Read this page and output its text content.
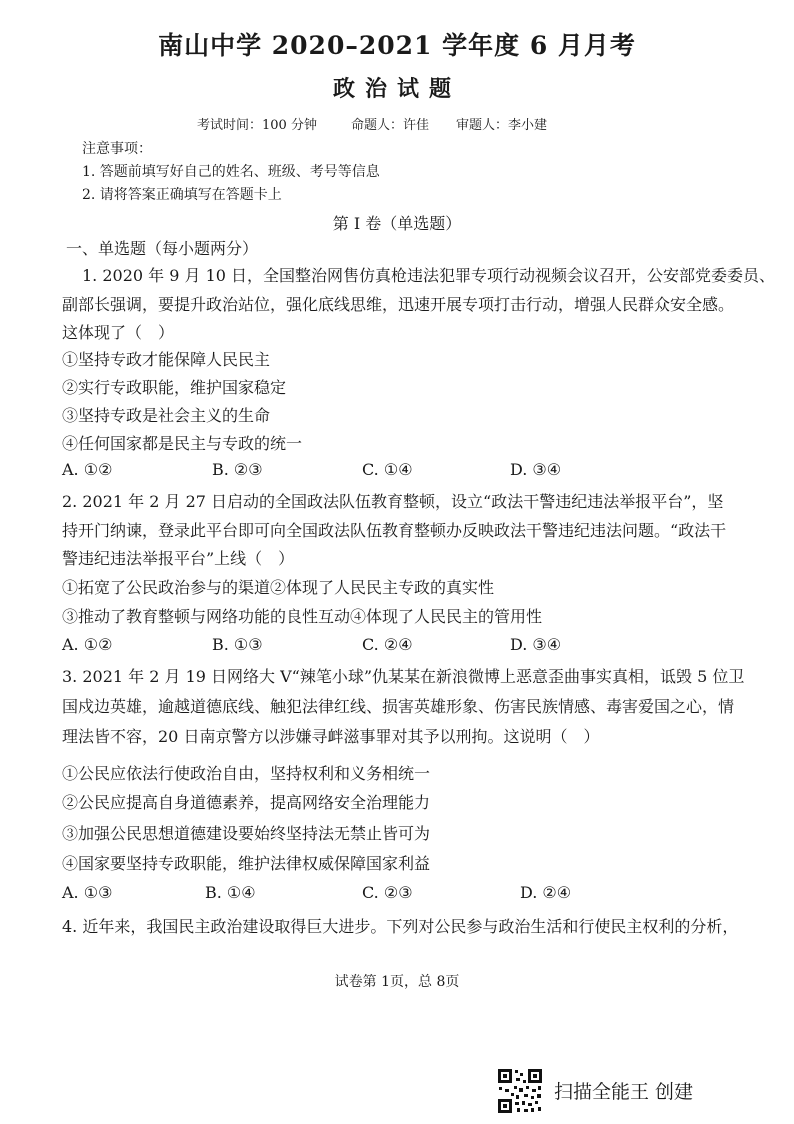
南山中学 2020–2021 学年度 6 月月考
政治试题
考试时间：100 分钟	命题人：许佳 审题人：李小建
注意事项：
1. 答题前填写好自己的姓名、班级、考号等信息
2. 请将答案正确填写在答题卡上
第 I 卷（单选题）
一、单选题（每小题两分）
1. 2020 年 9 月 10 日，全国整治网售仿真枪违法犯罪专项行动视频会议召开，公安部党委委员、
副部长强调，要提升政治站位，强化底线思维，迅速开展专项打击行动，增强人民群众安全感。
这体现了（　）
①坚持专政才能保障人民民主
②实行专政职能，维护国家稳定
③坚持专政是社会主义的生命
④任何国家都是民主与专政的统一
A. ①②	B. ②③	C. ①④	D. ③④
2. 2021 年 2 月 27 日启动的全国政法队伍教育整顿，设立“政法干警违纪违法举报平台”，坚
持开门纳谏，登录此平台即可向全国政法队伍教育整顿办反映政法干警违纪违法问题。“政法干
警违纪违法举报平台”上线（　）
①拓宽了公民政治参与的渠道②体现了人民民主专政的真实性
③推动了教育整顿与网络功能的良性互动④体现了人民民主的管用性
A. ①②	B. ①③	C. ②④	D. ③④
3. 2021 年 2 月 19 日网络大 V“辣笔小球”仇某某在新浪微博上恶意歪曲事实真相，诋毁 5 位卫
国戍边英雄，逾越道德底线、触犯法律红线、损害英雄形象、伤害民族情感、毒害爱国之心，情
理法皆不容，20 日南京警方以涉嫌寻衅滋事罪对其予以刑拘。这说明（　）
①公民应依法行使政治自由，坚持权利和义务相统一
②公民应提高自身道德素养，提高网络安全治理能力
③加强公民思想道德建设要始终坚持法无禁止皆可为
④国家要坚持专政职能，维护法律权威保障国家利益
A. ①③	B. ①④	C. ②③	D. ②④
4. 近年来，我国民主政治建设取得巨大进步。下列对公民参与政治生活和行使民主权利的分析，
试卷第 1页，总 8页
扫描全能王 创建
